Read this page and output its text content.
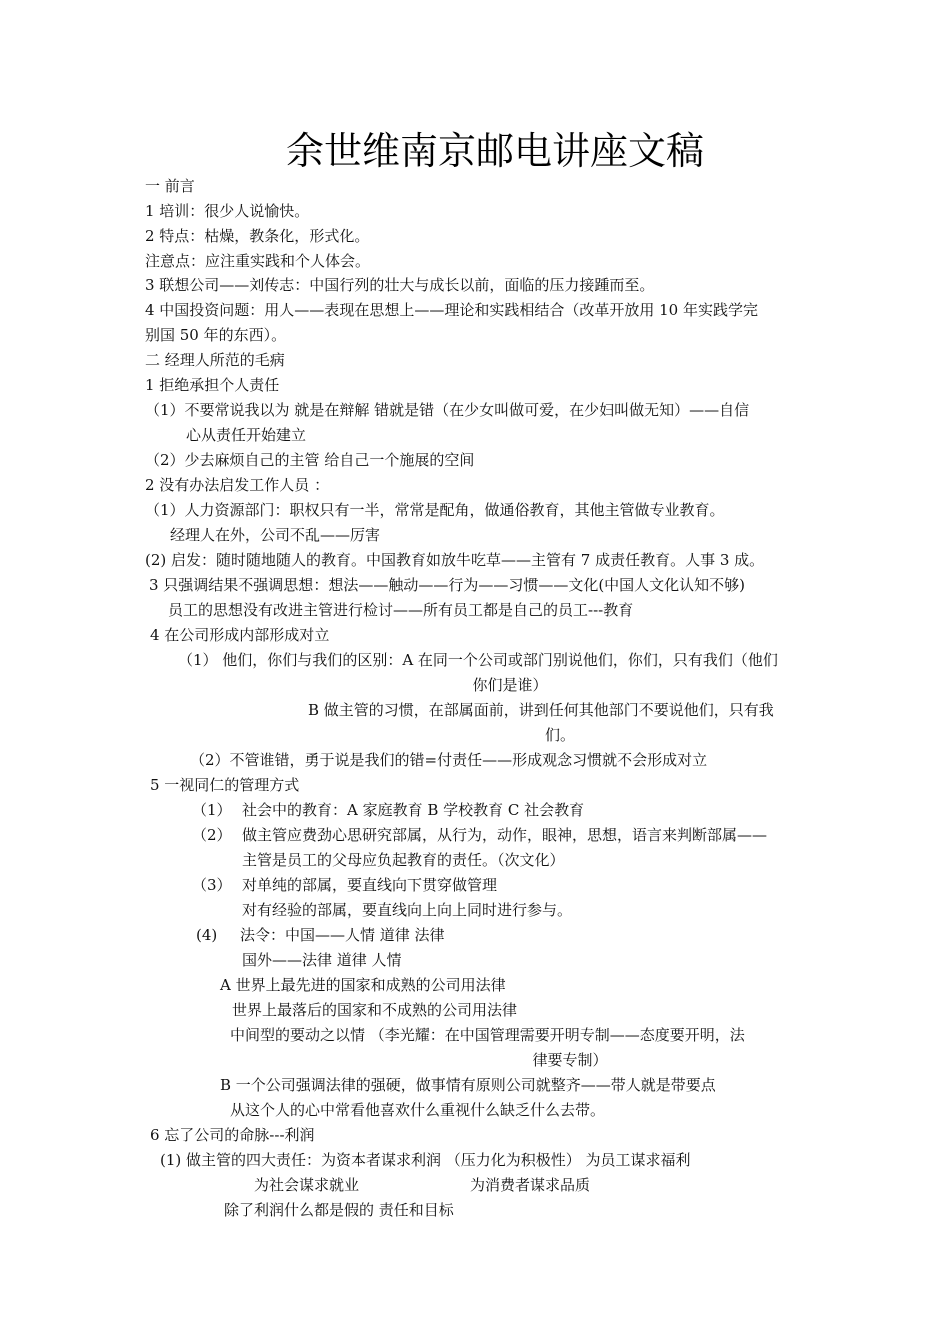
余世维南京邮电讲座文稿
一 前言
1 培训：很少人说愉快。
2 特点：枯燥，教条化，形式化。
注意点：应注重实践和个人体会。
3 联想公司——刘传志：中国行列的壮大与成长以前，面临的压力接踵而至。
4 中国投资问题：用人——表现在思想上——理论和实践相结合（改革开放用 10 年实践学完
别国 50 年的东西）。
二 经理人所范的毛病
1 拒绝承担个人责任
（1）不要常说我以为 就是在辩解 错就是错（在少女叫做可爱，在少妇叫做无知）——自信
心从责任开始建立
（2）少去麻烦自己的主管 给自己一个施展的空间
2 没有办法启发工作人员 ：
（1）人力资源部门：职权只有一半，常常是配角，做通俗教育，其他主管做专业教育。
经理人在外，公司不乱——厉害
(2) 启发：随时随地随人的教育。中国教育如放牛吃草——主管有 7 成责任教育。人事 3 成。
3 只强调结果不强调思想：想法——触动——行为——习惯——文化(中国人文化认知不够)
员工的思想没有改进主管进行检讨——所有员工都是自己的员工---教育
4 在公司形成内部形成对立
（1） 他们，你们与我们的区别：A 在同一个公司或部门别说他们，你们，只有我们（他们
你们是谁）
B 做主管的习惯，在部属面前，讲到任何其他部门不要说他们，只有我
们。
（2）不管谁错，勇于说是我们的错=付责任——形成观念习惯就不会形成对立
5 一视同仁的管理方式
（1） 社会中的教育：A 家庭教育 B 学校教育 C 社会教育
（2） 做主管应费劲心思研究部属，从行为，动作，眼神，思想，语言来判断部属——
主管是员工的父母应负起教育的责任。（次文化）
（3） 对单纯的部属，要直线向下贯穿做管理
对有经验的部属，要直线向上向上同时进行参与。
(4) 法令：中国——人情 道律 法律
国外——法律 道律 人情
A 世界上最先进的国家和成熟的公司用法律
世界上最落后的国家和不成熟的公司用法律
中间型的要动之以情 （李光耀：在中国管理需要开明专制——态度要开明，法
律要专制）
B 一个公司强调法律的强硬，做事情有原则公司就整齐——带人就是带要点
从这个人的心中常看他喜欢什么重视什么缺乏什么去带。
6 忘了公司的命脉---利润
(1) 做主管的四大责任：为资本者谋求利润 （压力化为积极性） 为员工谋求福利
为社会谋求就业	为消费者谋求品质
除了利润什么都是假的 责任和目标
